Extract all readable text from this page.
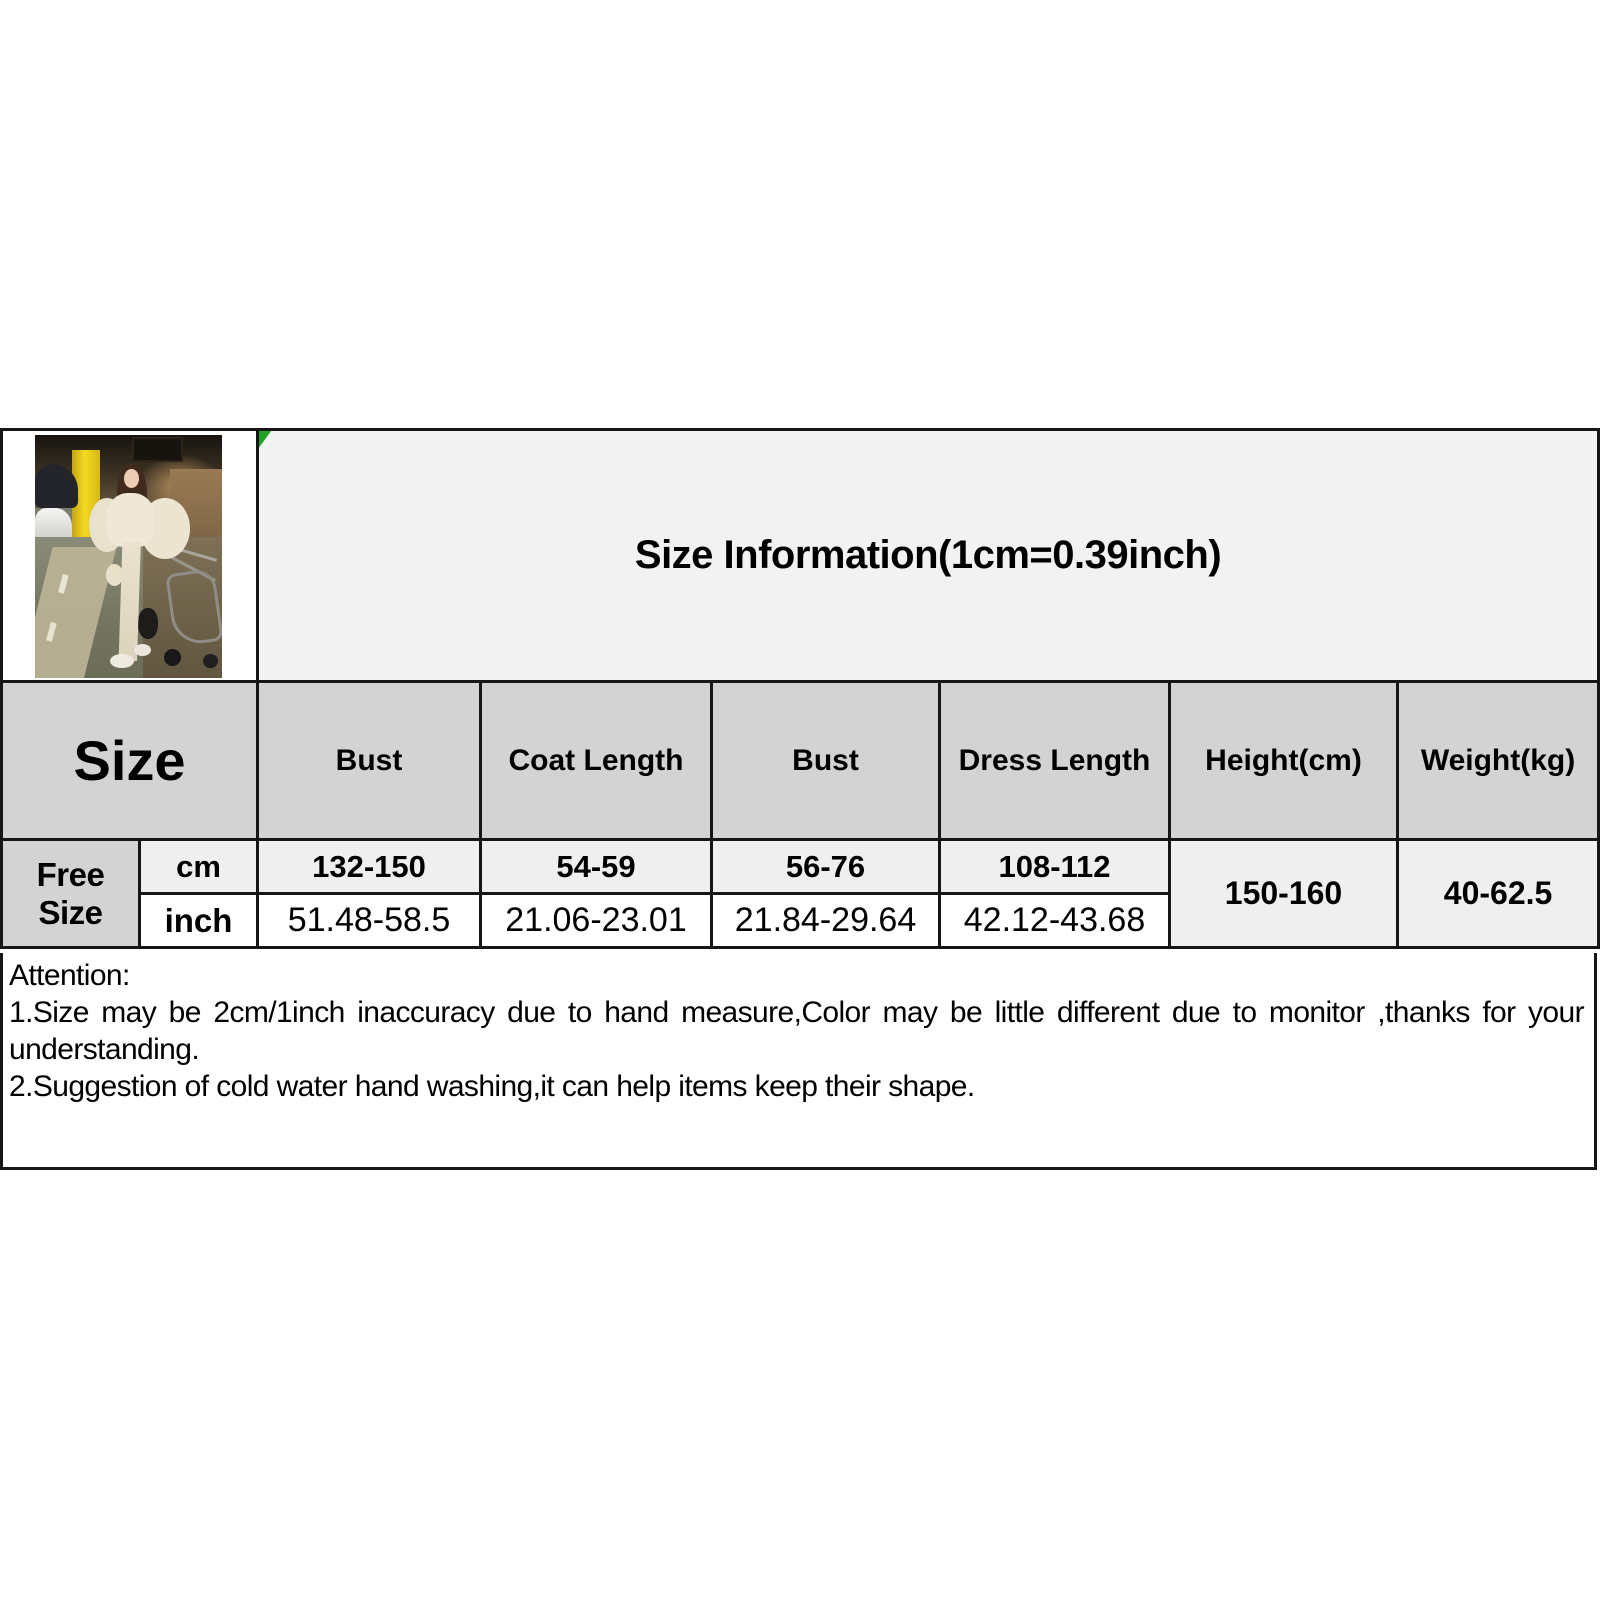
Size Information(1cm=0.39inch)					
Size		Bust	Coat Length	Bust	Dress Length	Height(cm)	Weight(kg)
Free Size	cm	132-150	54-59	56-76	108-112	150-160	40-62.5
	inch	51.48-58.5	21.06-23.01	21.84-29.64	42.12-43.68		
Attention:
1.Size may be 2cm/1inch inaccuracy due to hand measure,Color may be little different due to monitor ,thanks for your understanding.
2.Suggestion of cold water hand washing,it can help items keep their shape.
